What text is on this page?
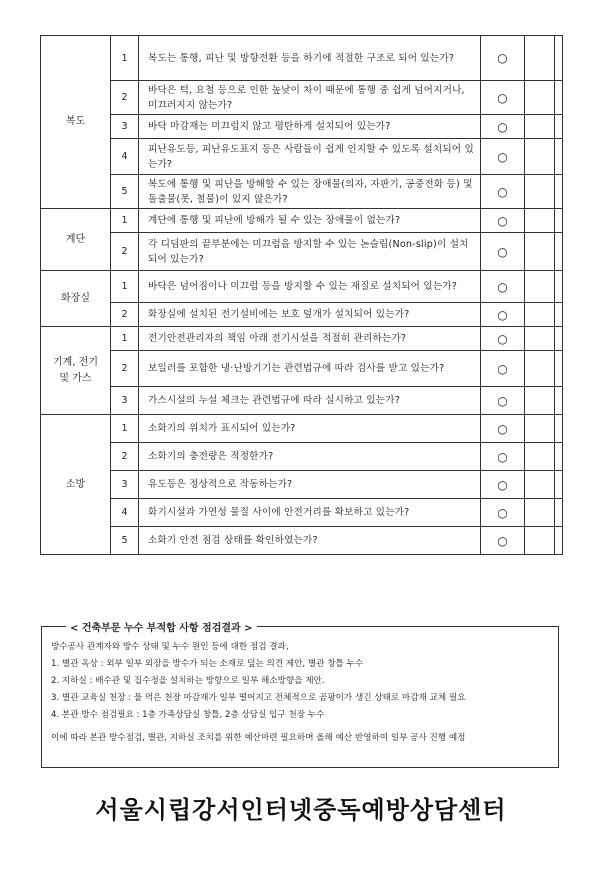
복도	1	복도는 통행, 피난 및 방향전환 등을 하기에 적절한 구조로 되어 있는가?	○		
	2	바닥은 턱, 요철 등으로 인한 높낮이 차이 때문에 통행 중 쉽게 넘어지거나, 미끄러지지 않는가?	○		
	3	바닥 마감재는 미끄럽지 않고 평탄하게 설치되어 있는가?	○		
	4	피난유도등, 피난유도표지 등은 사람들이 쉽게 인지할 수 있도록 설치되어 있는가?	○		
	5	복도에 통행 및 피난을 방해할 수 있는 장애물(의자, 자판기, 공중전화 등) 및 돌출물(못, 철물)이 있지 않은가?	○		
계단	1	계단에 통행 및 피난에 방해가 될 수 있는 장애물이 없는가?	○		
	2	각 디딤판의 끝부분에는 미끄럼을 방지할 수 있는 논슬립(Non-slip)이 설치되어 있는가?	○		
화장실	1	바닥은 넘어짐이나 미끄럼 등을 방지할 수 있는 재질로 설치되어 있는가?	○		
	2	화장실에 설치된 전기설비에는 보호 덮개가 설치되어 있는가?	○		
기계, 전기 및 가스	1	전기안전관리자의 책임 아래 전기시설을 적절히 관리하는가?	○		
	2	보일러를 포함한 냉·난방기기는 관련법규에 따라 검사를 받고 있는가?	○		
	3	가스시설의 누설 체크는 관련법규에 따라 실시하고 있는가?	○		
소방	1	소화기의 위치가 표시되어 있는가?	○		
	2	소화기의 충전량은 적정한가?	○		
	3	유도등은 정상적으로 작동하는가?	○		
	4	화기시설과 가연성 물질 사이에 안전거리를 확보하고 있는가?	○		
	5	소화기 안전 점검 상태를 확인하였는가?	○		
< 건축부문 누수 부적합 사항 점검결과 >
방수공사 관계자와 방수 상태 및 누수 원인 등에 대한 점검 결과,
1. 별관 옥상 : 외부 일부 외장을 방수가 되는 소재로 덮는 의견 제안, 별관 창틀 누수
2. 지하실 : 배수관 및 집수정을 설치하는 방향으로 일부 해소방향을 제안.
3. 별관 교육실 천장 : 물 먹은 천장 마감재가 일부 떨어지고 전체적으로 곰팡이가 생긴 상태로 마감재 교체 필요
4. 본관 방수 점검필요 : 1층 가족상담실 창틀, 2층 상담실 입구 천장 누수
이에 따라 본관 방수점검, 별관, 지하실 조치를 위한 예산마련 필요하며 올해 예산 반영하여 일부 공사 진행 예정
서울시립강서인터넷중독예방상담센터
